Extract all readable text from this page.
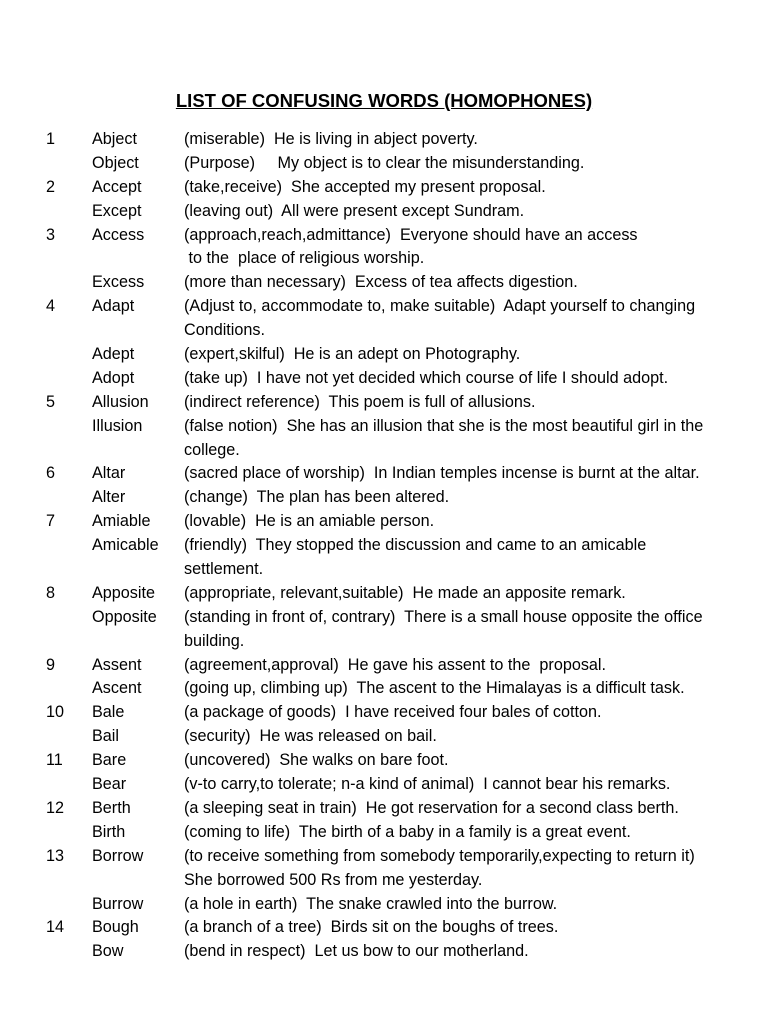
LIST OF CONFUSING WORDS (HOMOPHONES)
1 Abject	(miserable)  He is living in abject poverty.
Object	(Purpose)     My object is to clear the misunderstanding.
2 Accept	(take,receive)  She accepted my present proposal.
Except	(leaving out)  All were present except Sundram.
3 Access (approach,reach,admittance)  Everyone should have an access
to the  place of religious worship.
Excess (more than necessary)  Excess of tea affects digestion.
4 Adapt	(Adjust to, accommodate to, make suitable)  Adapt yourself to changing
Conditions.
Adept	(expert,skilful)  He is an adept on Photography.
Adopt	(take up)  I have not yet decided which course of life I should adopt.
5 Allusion (indirect reference)  This poem is full of allusions.
Illusion	(false notion)  She has an illusion that she is the most beautiful girl in the
college.
6 Altar	(sacred place of worship)  In Indian temples incense is burnt at the altar.
Alter	(change)  The plan has been altered.
7 Amiable (lovable)  He is an amiable person.
Amicable (friendly)  They stopped the discussion and came to an amicable
settlement.
8 Apposite (appropriate, relevant,suitable)  He made an apposite remark.
Opposite (standing in front of, contrary)  There is a small house opposite the office
building.
9 Assent	(agreement,approval)  He gave his assent to the  proposal.
Ascent	(going up, climbing up)  The ascent to the Himalayas is a difficult task.
10 Bale	(a package of goods)  I have received four bales of cotton.
Bail	(security)  He was released on bail.
11 Bare	(uncovered)  She walks on bare foot.
Bear	(v-to carry,to tolerate; n-a kind of animal)  I cannot bear his remarks.
12 Berth	(a sleeping seat in train)  He got reservation for a second class berth.
Birth	(coming to life)  The birth of a baby in a family is a great event.
13 Borrow	(to receive something from somebody temporarily,expecting to return it)
She borrowed 500 Rs from me yesterday.
Burrow	(a hole in earth)  The snake crawled into the burrow.
14 Bough	(a branch of a tree)  Birds sit on the boughs of trees.
Bow	(bend in respect)  Let us bow to our motherland.
